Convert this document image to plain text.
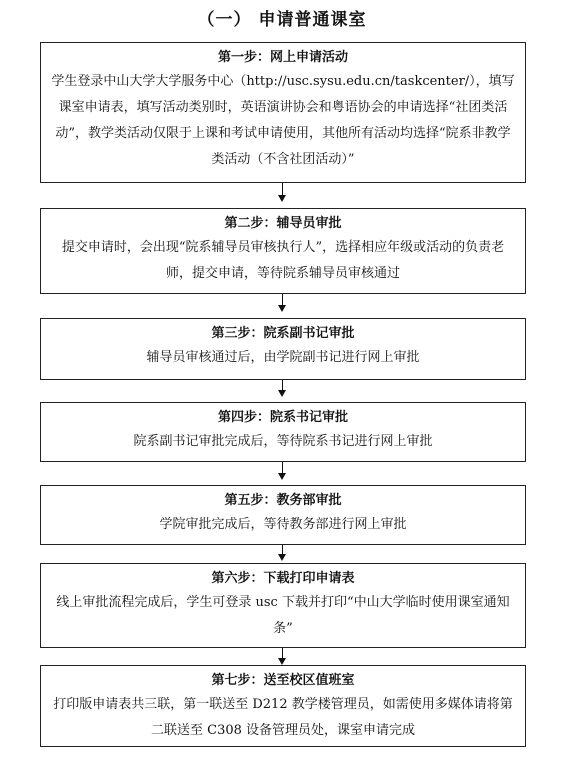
（一） 申请普通课室
第一步：网上申请活动
学生登录中山大学大学服务中心（http://usc.sysu.edu.cn/taskcenter/），填写课室申请表，填写活动类别时，英语演讲协会和粤语协会的申请选择“社团类活动”，教学类活动仅限于上课和考试申请使用，其他所有活动均选择“院系非教学类活动（不含社团活动）”
第二步：辅导员审批
提交申请时，会出现“院系辅导员审核执行人”，选择相应年级或活动的负责老师，提交申请，等待院系辅导员审核通过
第三步：院系副书记审批
辅导员审核通过后，由学院副书记进行网上审批
第四步：院系书记审批
院系副书记审批完成后，等待院系书记进行网上审批
第五步：教务部审批
学院审批完成后，等待教务部进行网上审批
第六步：下载打印申请表
线上审批流程完成后，学生可登录 usc 下载并打印“中山大学临时使用课室通知条”
第七步：送至校区值班室
打印版申请表共三联，第一联送至 D212 教学楼管理员，如需使用多媒体请将第二联送至 C308 设备管理员处，课室申请完成
